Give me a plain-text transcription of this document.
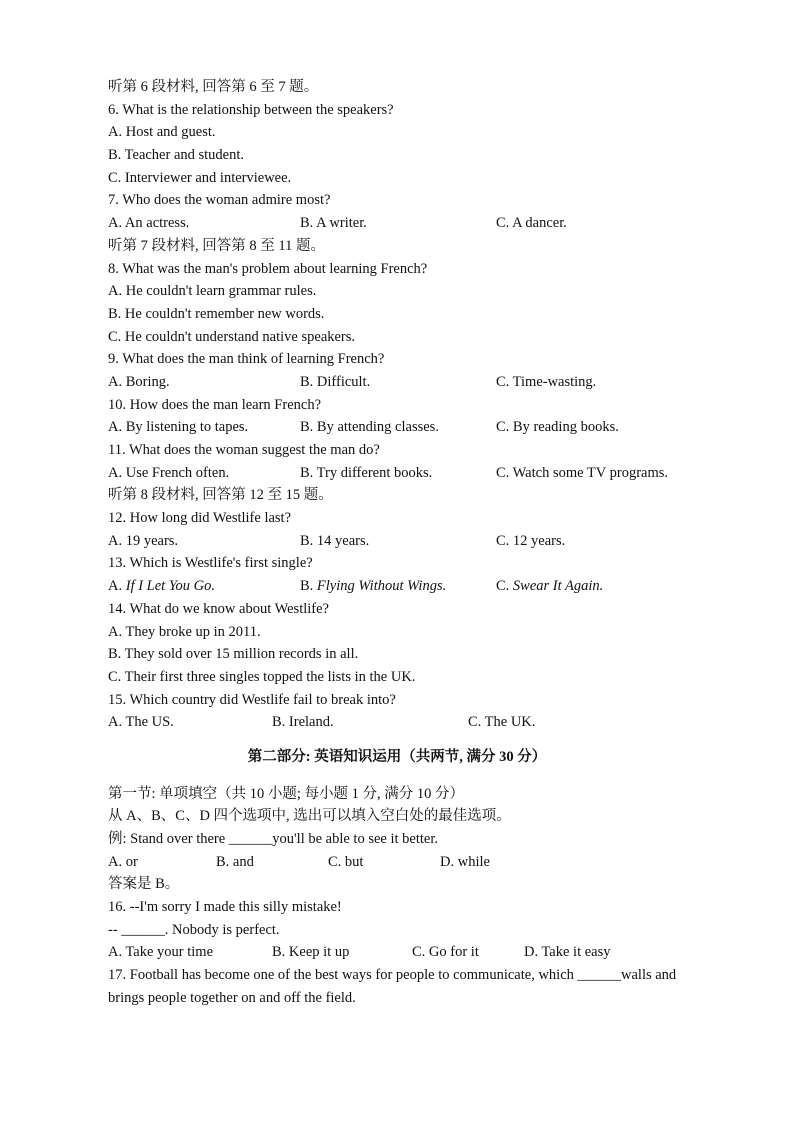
听第 6 段材料, 回答第 6 至 7 题。
6. What is the relationship between the speakers?
A. Host and guest.
B. Teacher and student.
C. Interviewer and interviewee.
7. Who does the woman admire most?
A. An actress.	B. A writer.	C. A dancer.
听第 7 段材料, 回答第 8 至 11 题。
8. What was the man's problem about learning French?
A. He couldn't learn grammar rules.
B. He couldn't remember new words.
C. He couldn't understand native speakers.
9. What does the man think of learning French?
A. Boring.	B. Difficult.	C. Time-wasting.
10. How does the man learn French?
A. By listening to tapes.	B. By attending classes.	C. By reading books.
11. What does the woman suggest the man do?
A. Use French often.	B. Try different books.	C. Watch some TV programs.
听第 8 段材料, 回答第 12 至 15 题。
12. How long did Westlife last?
A. 19 years.	B. 14 years.	C. 12 years.
13. Which is Westlife's first single?
A. If I Let You Go.	B. Flying Without Wings.	C. Swear It Again.
14. What do we know about Westlife?
A. They broke up in 2011.
B. They sold over 15 million records in all.
C. Their first three singles topped the lists in the UK.
15. Which country did Westlife fail to break into?
A. The US.	B. Ireland.	C. The UK.
第二部分: 英语知识运用（共两节, 满分 30 分）
第一节: 单项填空（共 10 小题; 每小题 1 分, 满分 10 分）
从 A、B、C、D 四个选项中, 选出可以填入空白处的最佳选项。
例: Stand over there ______you'll be able to see it better.
A. or	B. and	C. but	D. while
答案是 B。
16. --I'm sorry I made this silly mistake!
-- ______. Nobody is perfect.
A. Take your time	B. Keep it up	C. Go for it	D. Take it easy
17. Football has become one of the best ways for people to communicate, which ______walls and brings people together on and off the field.
